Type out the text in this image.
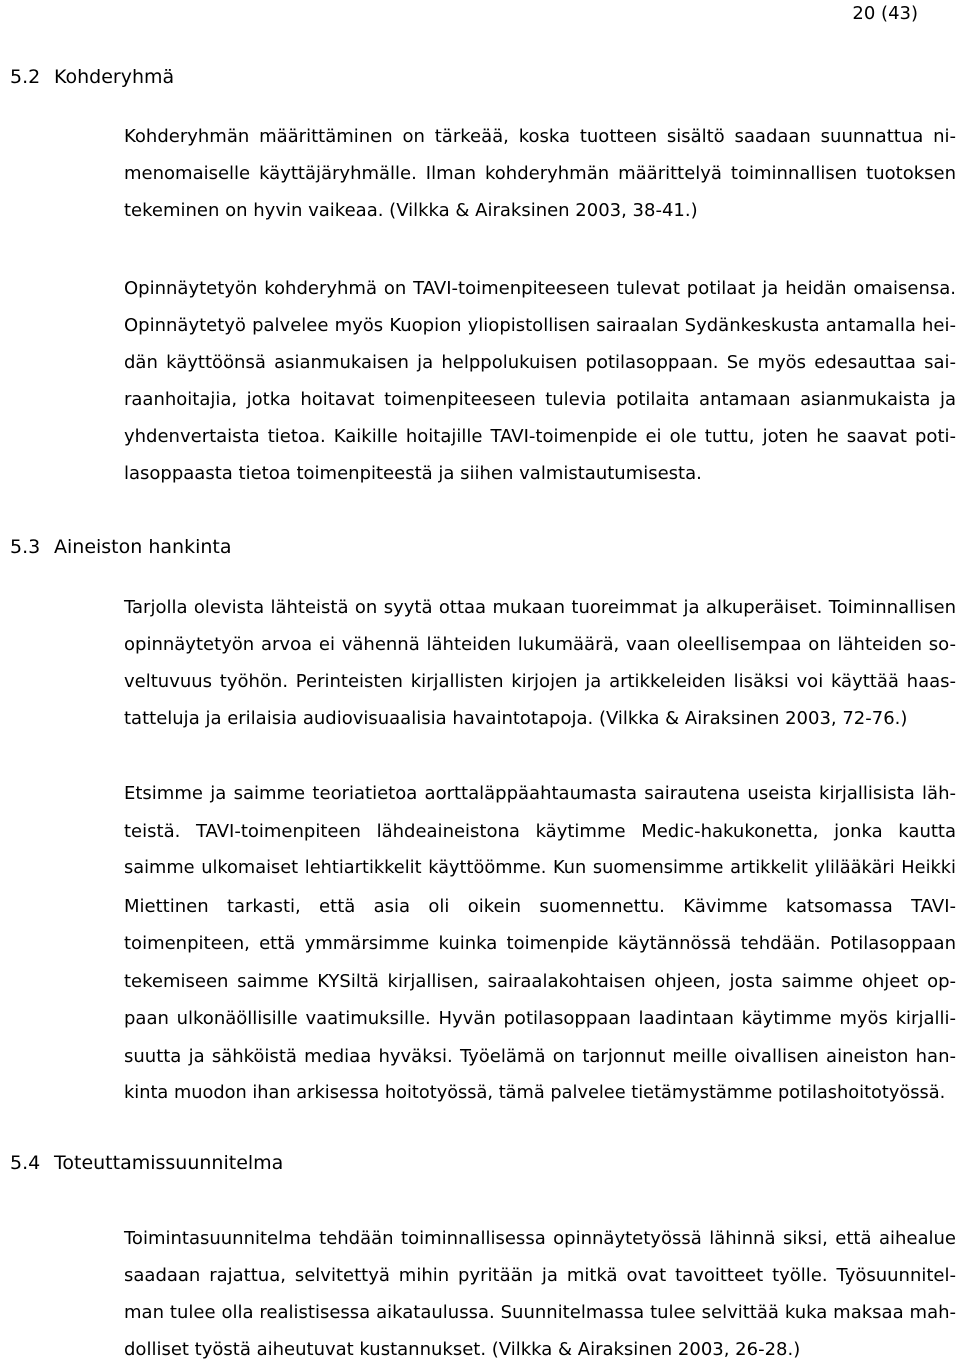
20 (43)
5.2 Kohderyhmä
Kohderyhmän määrittäminen on tärkeää, koska tuotteen sisältö saadaan suunnattua ni-
menomaiselle käyttäjäryhmälle. Ilman kohderyhmän määrittelyä toiminnallisen tuotoksen
tekeminen on hyvin vaikeaa. (Vilkka & Airaksinen 2003, 38-41.)
Opinnäytetyön kohderyhmä on TAVI-toimenpiteeseen tulevat potilaat ja heidän omaisensa.
Opinnäytetyö palvelee myös Kuopion yliopistollisen sairaalan Sydänkeskusta antamalla hei-
dän käyttöönsä asianmukaisen ja helppolukuisen potilasoppaan. Se myös edesauttaa sai-
raanhoitajia, jotka hoitavat toimenpiteeseen tulevia potilaita antamaan asianmukaista ja
yhdenvertaista tietoa. Kaikille hoitajille TAVI-toimenpide ei ole tuttu, joten he saavat poti-
lasoppaasta tietoa toimenpiteestä ja siihen valmistautumisesta.
5.3 Aineiston hankinta
Tarjolla olevista lähteistä on syytä ottaa mukaan tuoreimmat ja alkuperäiset. Toiminnallisen
opinnäytetyön arvoa ei vähennä lähteiden lukumäärä, vaan oleellisempaa on lähteiden so-
veltuvuus työhön. Perinteisten kirjallisten kirjojen ja artikkeleiden lisäksi voi käyttää haas-
tatteluja ja erilaisia audiovisuaalisia havaintotapoja. (Vilkka & Airaksinen 2003, 72-76.)
Etsimme ja saimme teoriatietoa aorttaläppäahtaumasta sairautena useista kirjallisista läh-
teistä. TAVI-toimenpiteen lähdeaineistona käytimme Medic-hakukonetta, jonka kautta
saimme ulkomaiset lehtiartikkelit käyttöömme. Kun suomensimme artikkelit ylilääkäri Heikki
Miettinen tarkasti, että asia oli oikein suomennettu. Kävimme katsomassa TAVI-
toimenpiteen, että ymmärsimme kuinka toimenpide käytännössä tehdään. Potilasoppaan
tekemiseen saimme KYSiltä kirjallisen, sairaalakohtaisen ohjeen, josta saimme ohjeet op-
paan ulkonäöllisille vaatimuksille. Hyvän potilasoppaan laadintaan käytimme myös kirjalli-
suutta ja sähköistä mediaa hyväksi. Työelämä on tarjonnut meille oivallisen aineiston han-
kinta muodon ihan arkisessa hoitotyössä, tämä palvelee tietämystämme potilashoitotyössä.
5.4 Toteuttamissuunnitelma
Toimintasuunnitelma tehdään toiminnallisessa opinnäytetyössä lähinnä siksi, että aihealue
saadaan rajattua, selvitettyä mihin pyritään ja mitkä ovat tavoitteet työlle. Työsuunnitel-
man tulee olla realistisessa aikataulussa. Suunnitelmassa tulee selvittää kuka maksaa mah-
dolliset työstä aiheutuvat kustannukset. (Vilkka & Airaksinen 2003, 26-28.)
